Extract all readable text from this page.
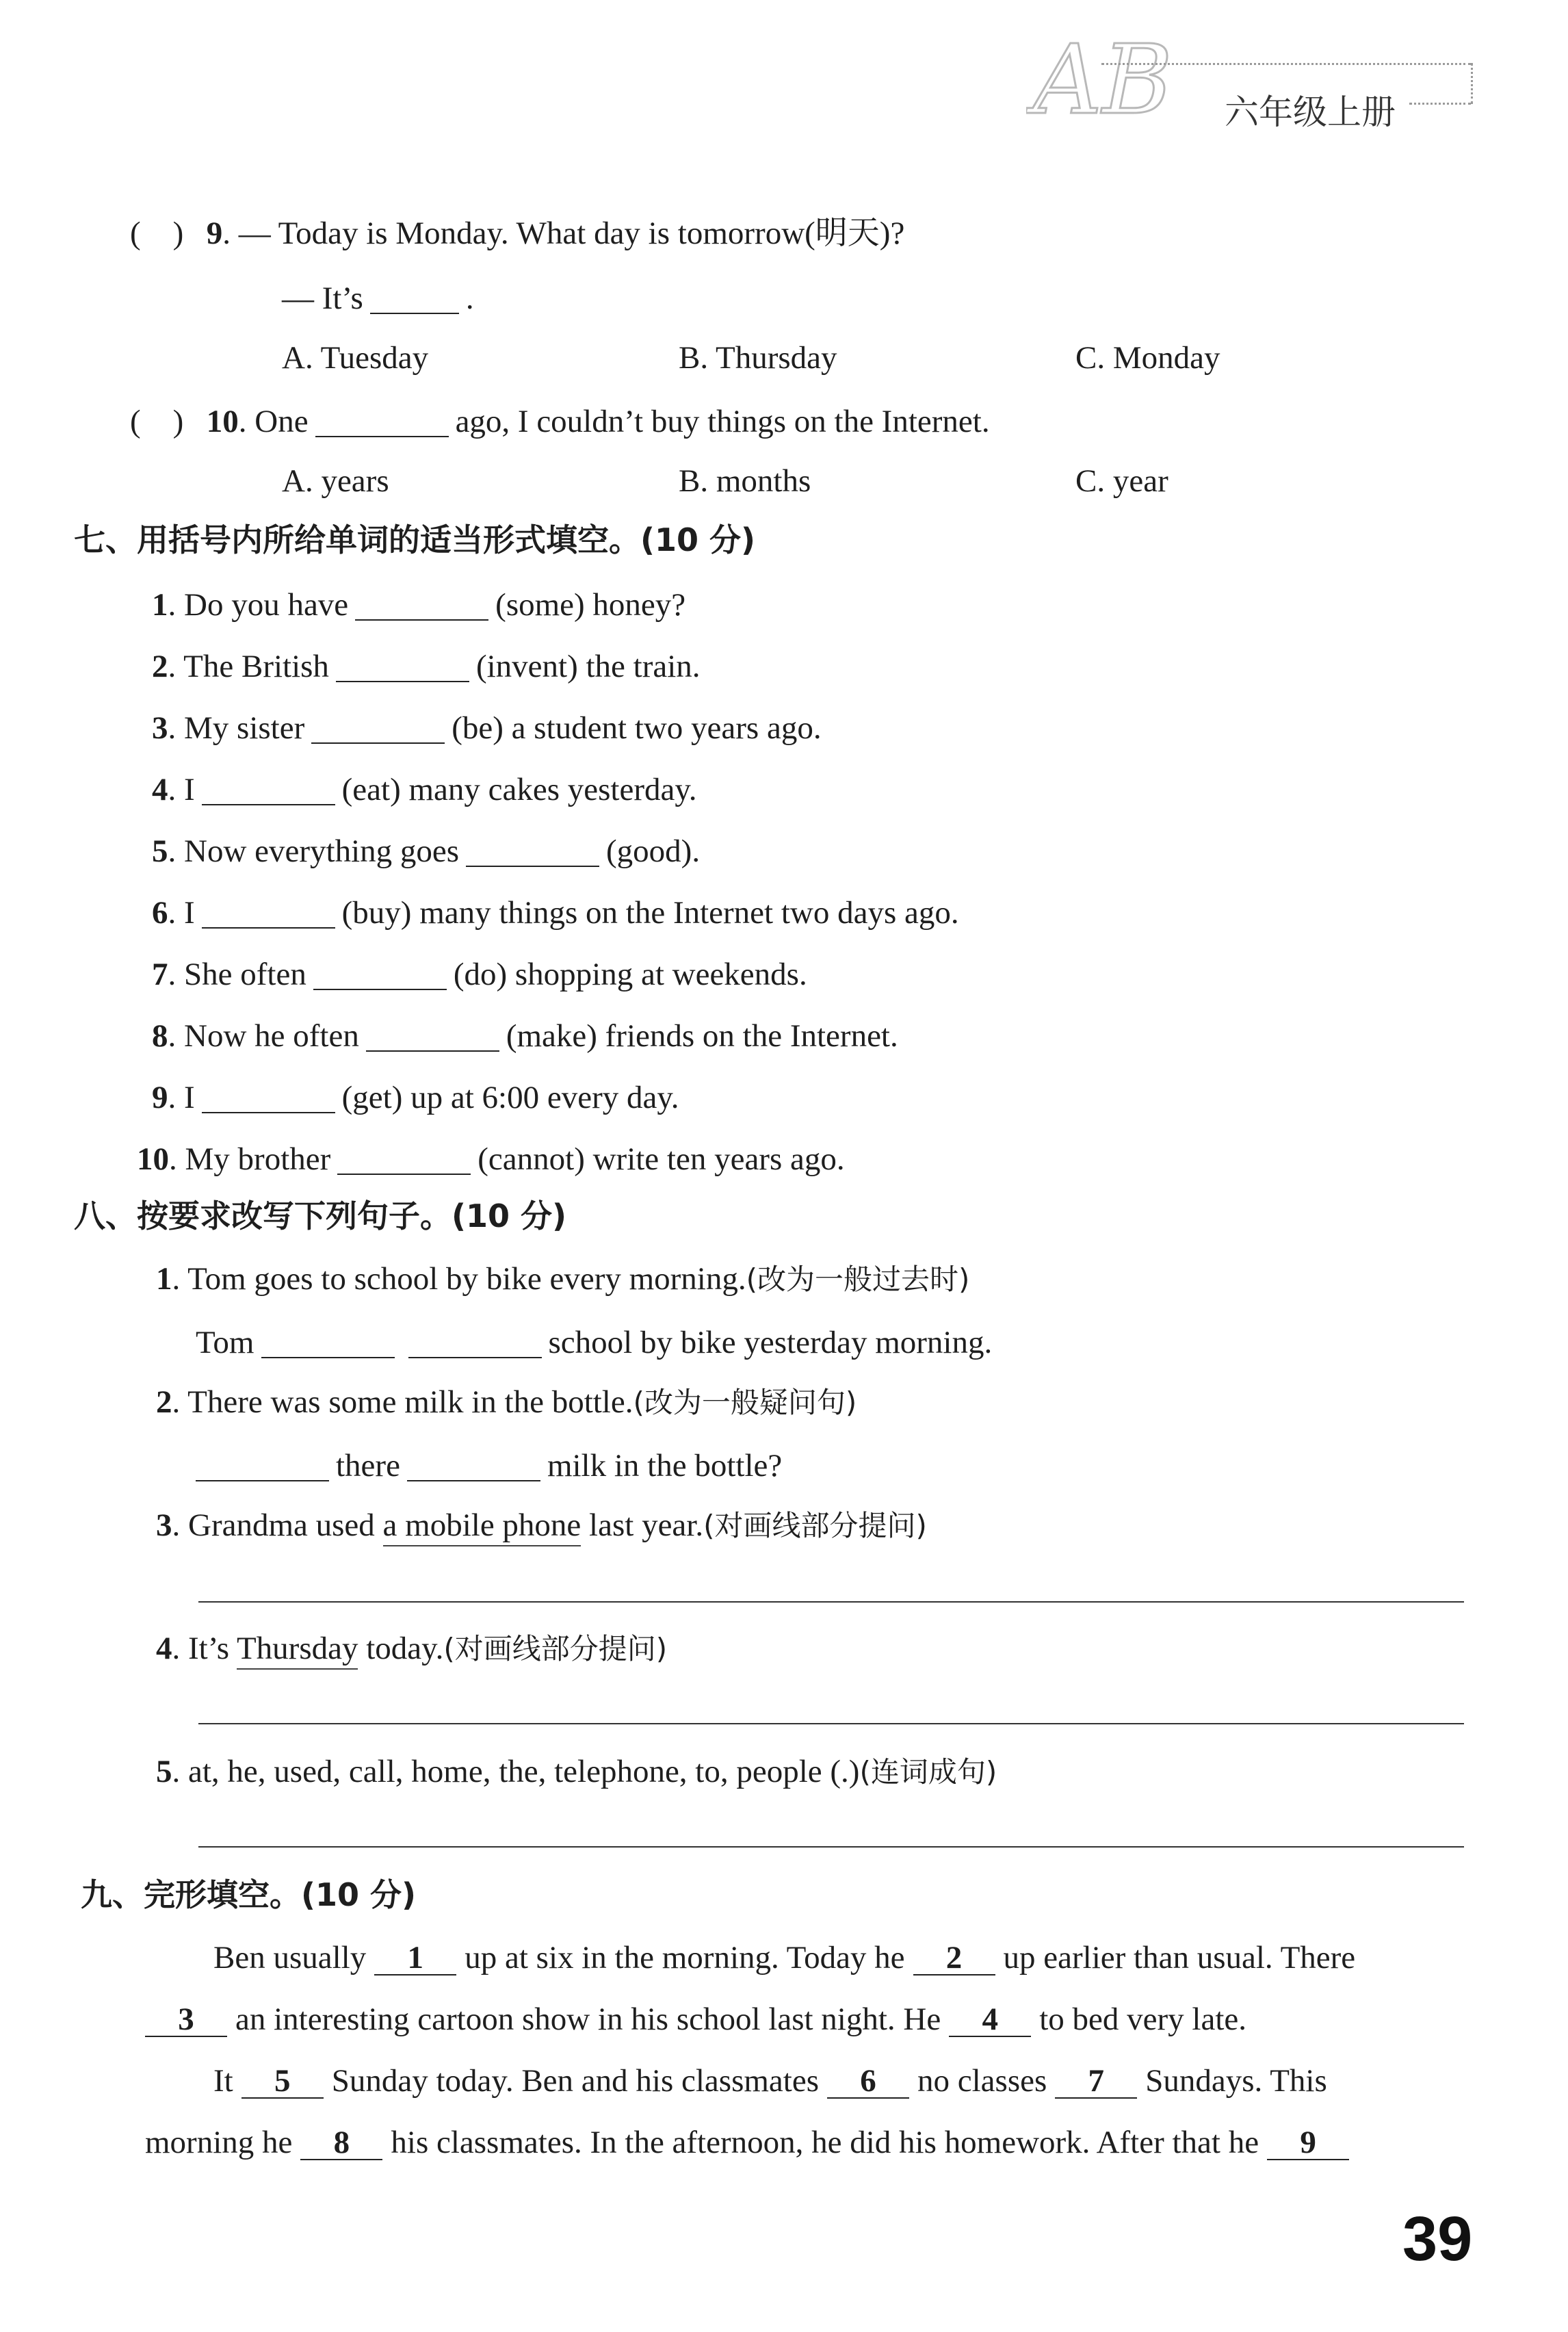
AB 六年级上册
(　) 9. — Today is Monday. What day is tomorrow(明天)?
— It’s	.
A. Tuesday	B. Thursday	C. Monday
(　) 10. One	ago, I couldn’t buy things on the Internet.
A. years	B. months	C. year
七、用括号内所给单词的适当形式填空。(10 分)
1. Do you have	(some) honey?
2. The British	(invent) the train.
3. My sister	(be) a student two years ago.
4. I	(eat) many cakes yesterday.
5. Now everything goes	(good).
6. I	(buy) many things on the Internet two days ago.
7. She often	(do) shopping at weekends.
8. Now he often	(make) friends on the Internet.
9. I	(get) up at 6:00 every day.
10. My brother	(cannot) write ten years ago.
八、按要求改写下列句子。(10 分)
1. Tom goes to school by bike every morning.(改为一般过去时)
Tom	school by bike yesterday morning.
2. There was some milk in the bottle.(改为一般疑问句)
there	milk in the bottle?
3. Grandma used a mobile phone last year.(对画线部分提问)
4. It’s Thursday today.(对画线部分提问)
5. at, he, used, call, home, the, telephone, to, people (.)(连词成句)
九、完形填空。(10 分)
Ben usually 1 up at six in the morning. Today he 2 up earlier than usual. There
3 an interesting cartoon show in his school last night. He 4 to bed very late.
It 5 Sunday today. Ben and his classmates 6 no classes 7 Sundays. This
morning he 8 his classmates. In the afternoon, he did his homework. After that he 9
39
